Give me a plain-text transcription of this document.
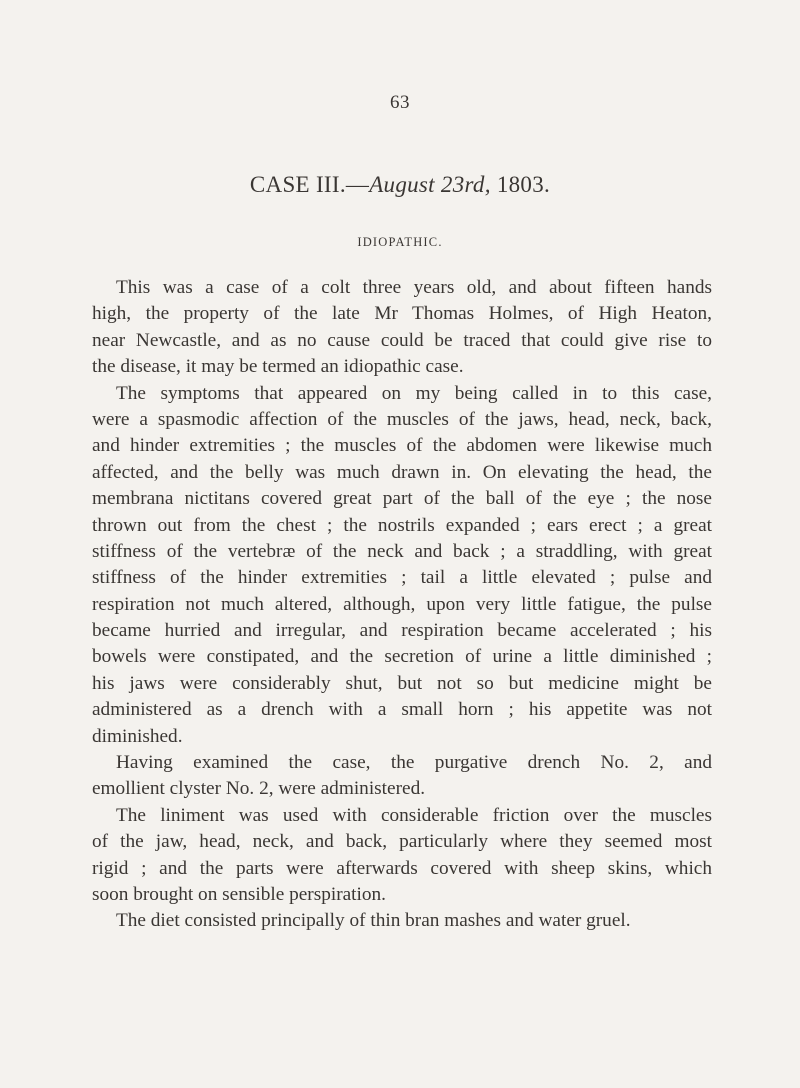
63
CASE III.—August 23rd, 1803.
IDIOPATHIC.
This was a case of a colt three years old, and about fifteen hands
high, the property of the late Mr Thomas Holmes, of High Heaton,
near Newcastle, and as no cause could be traced that could give rise to
the disease, it may be termed an idiopathic case.
The symptoms that appeared on my being called in to this case,
were a spasmodic affection of the muscles of the jaws, head, neck, back,
and hinder extremities ; the muscles of the abdomen were likewise much
affected, and the belly was much drawn in. On elevating the head, the
membrana nictitans covered great part of the ball of the eye ; the nose
thrown out from the chest ; the nostrils expanded ; ears erect ; a great
stiffness of the vertebræ of the neck and back ; a straddling, with great
stiffness of the hinder extremities ; tail a little elevated ; pulse and
respiration not much altered, although, upon very little fatigue, the pulse
became hurried and irregular, and respiration became accelerated ; his
bowels were constipated, and the secretion of urine a little diminished ;
his jaws were considerably shut, but not so but medicine might be
administered as a drench with a small horn ; his appetite was not
diminished.
Having examined the case, the purgative drench No. 2, and
emollient clyster No. 2, were administered.
The liniment was used with considerable friction over the muscles
of the jaw, head, neck, and back, particularly where they seemed most
rigid ; and the parts were afterwards covered with sheep skins, which
soon brought on sensible perspiration.
The diet consisted principally of thin bran mashes and water gruel.
